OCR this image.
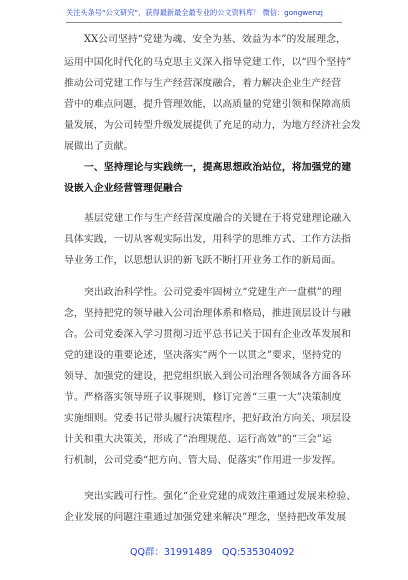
关注头条号“公文研究”，获得最新最全最专业的公文资料库！ 微信：gongwenzj
XX公司坚持“党建为魂、安全为基、效益为本”的发展理念，
运用中国化时代化的马克思主义深入指导党建工作，以“四个坚持”
推动公司党建工作与生产经营深度融合，着力解决企业生产经营
营中的难点问题，提升管理效能，以高质量的党建引领和保障高质
量发展，为公司转型升级发展提供了充足的动力，为地方经济社会发
展做出了贡献。
一、坚持理论与实践统一，提高思想政治站位，将加强党的建
设嵌入企业经营管理促融合
基层党建工作与生产经营深度融合的关键在于将党建理论融入
具体实践，一切从客观实际出发，用科学的思维方式、工作方法指
导业务工作，以思想认识的新飞跃不断打开业务工作的新局面。
突出政治科学性。公司党委牢固树立“党建生产一盘棋”的理
念，坚持把党的领导融入公司治理体系和格局，推进顶层设计与融
合。公司党委深入学习贯彻习近平总书记关于国有企业改革发展和
党的建设的重要论述，坚决落实“两个一以贯之”要求，坚持党的
领导、加强党的建设，把党组织嵌入到公司治理各领域各方面各环
节。严格落实领导班子议事规则，修订完善“三重一大”决策制度
实施细则。党委书记带头履行决策程序，把好政治方向关、项层设
计关和重大决策关，形成了“治理规范、运行高效”的“三会”运
行机制，公司党委“把方向、管大局、促落实”作用进一步发挥。
突出实践可行性。强化“企业党建的成效注重通过发展来检验、
企业发展的问题注重通过加强党建来解决”理念，坚持把改革发展
QQ群：31991489 QQ:535304092
